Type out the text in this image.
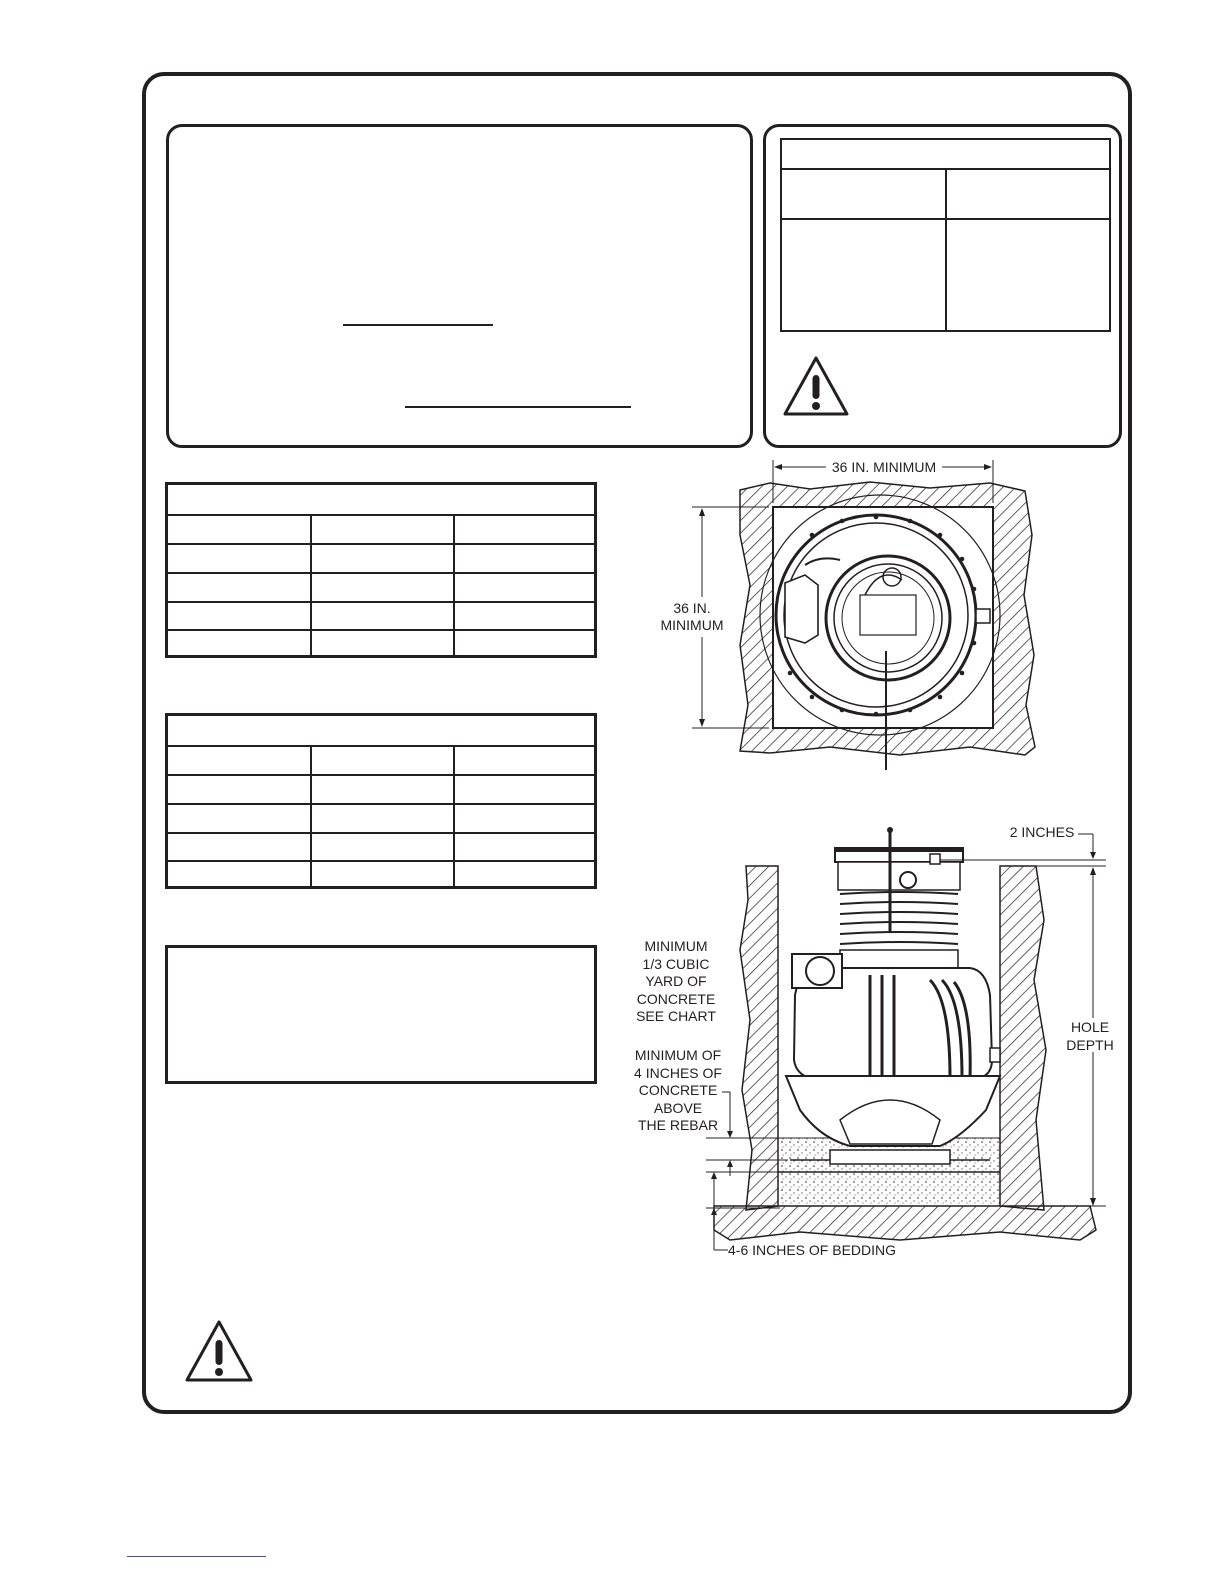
36 IN. MINIMUM
36 IN.
MINIMUM
2 INCHES
MINIMUM
1/3 CUBIC
YARD OF
CONCRETE
SEE CHART
MINIMUM OF
4 INCHES OF
CONCRETE
ABOVE
THE REBAR
HOLE
DEPTH
4-6 INCHES OF BEDDING
